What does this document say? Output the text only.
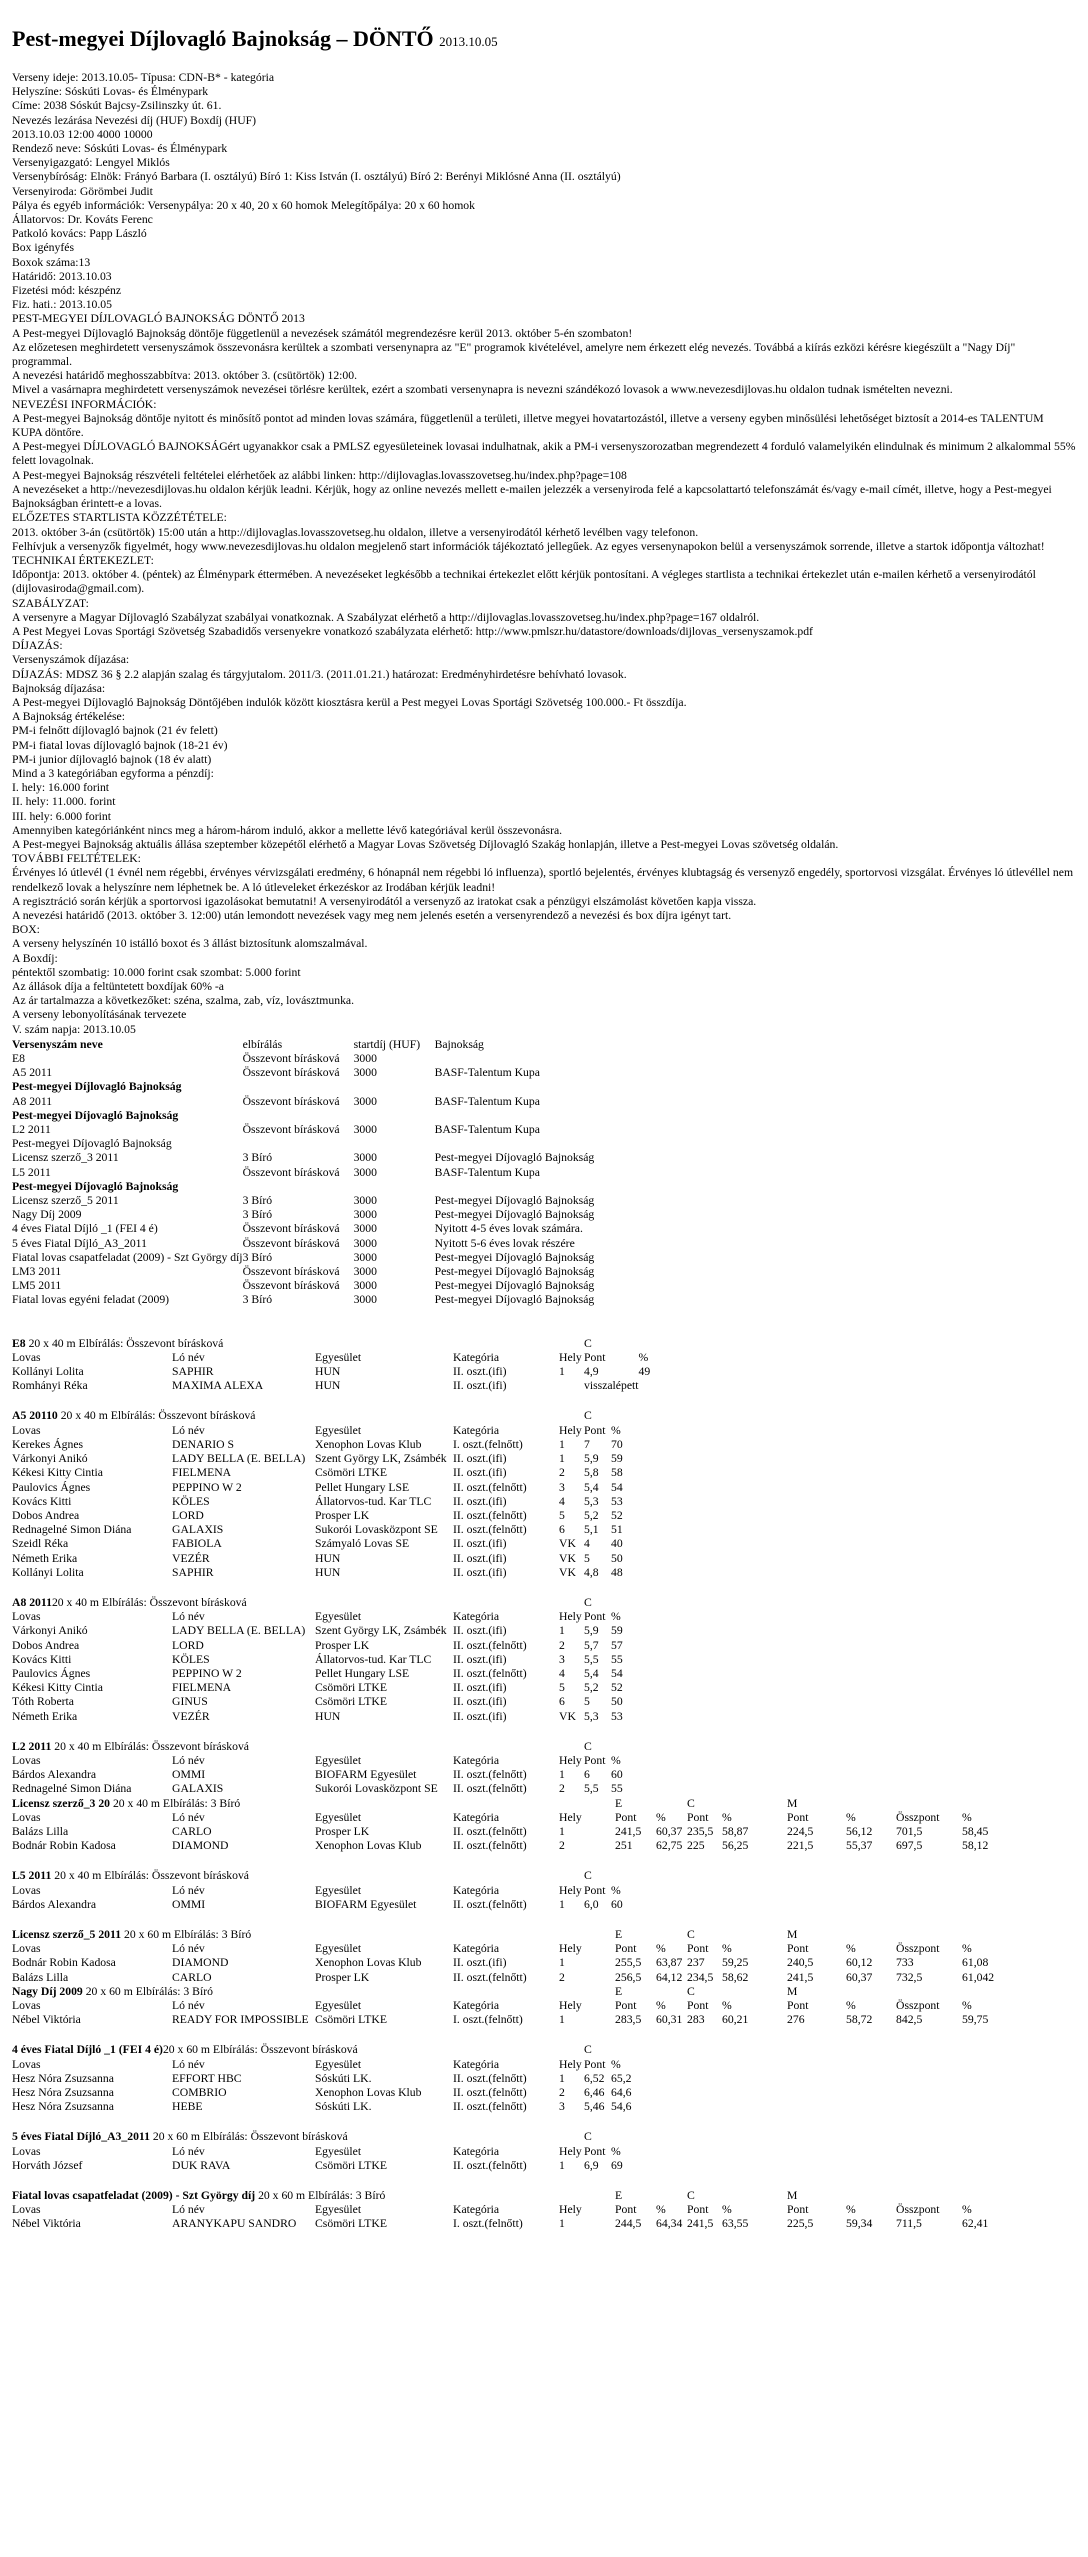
Pest-megyei Díjlovagló Bajnokság – DÖNTŐ 2013.10.05
Verseny ideje: 2013.10.05- Típusa: CDN-B* - kategória
Helyszíne: Sóskúti Lovas- és Élménypark
Címe: 2038 Sóskút Bajcsy-Zsilinszky út. 61.
Nevezés lezárása Nevezési díj (HUF) Boxdíj (HUF)
2013.10.03 12:00 4000 10000
Rendező neve: Sóskúti Lovas- és Élménypark
Versenyigazgató: Lengyel Miklós
Versenybíróság: Elnök: Frányó Barbara (I. osztályú) Bíró 1: Kiss István (I. osztályú) Bíró 2: Berényi Miklósné Anna (II. osztályú)
Versenyiroda: Görömbei Judit
Pálya és egyéb információk: Versenypálya: 20 x 40, 20 x 60 homok Melegítőpálya: 20 x 60 homok
Állatorvos: Dr. Kováts Ferenc
Patkoló kovács: Papp László
Box igényfés
Boxok száma:13
Határidő: 2013.10.03
Fizetési mód: készpénz
Fiz. hati.: 2013.10.05
PEST-MEGYEI DÍJLOVAGLÓ BAJNOKSÁG DÖNTŐ 2013
A Pest-megyei Díjlovagló Bajnokság döntője függetlenül a nevezések számától megrendezésre kerül 2013. október 5-én szombaton!
Az előzetesen meghirdetett versenyszámok összevonásra kerültek a szombati versenynapra az "E" programok kivételével, amelyre nem érkezett elég nevezés. Továbbá a kiírás ezközi kérésre kiegészült a "Nagy Díj" programmal.
A nevezési határidő meghosszabbítva: 2013. október 3. (csütörtök) 12:00.
Mivel a vasárnapra meghirdetett versenyszámok nevezései törlésre kerültek, ezért a szombati versenynapra is nevezni szándékozó lovasok a www.nevezesdijlovas.hu oldalon tudnak ismételten nevezni.
NEVEZÉSI INFORMÁCIÓK:
A Pest-megyei Bajnokság döntője nyitott és minősítő pontot ad minden lovas számára, függetlenül a területi, illetve megyei hovatartozástól, illetve a verseny egyben minősülési lehetőséget biztosít a 2014-es TALENTUM KUPA döntőre.
A Pest-megyei DÍJLOVAGLÓ BAJNOKSÁGért ugyanakkor csak a PMLSZ egyesületeinek lovasai indulhatnak, akik a PM-i versenyszorozatban megrendezett 4 forduló valamelyikén elindulnak és minimum 2 alkalommal 55% felett lovagolnak.
A Pest-megyei Bajnokság részvételi feltételei elérhetőek az alábbi linken: http://dijlovaglas.lovasszovetseg.hu/index.php?page=108
A nevezéseket a http://nevezesdijlovas.hu oldalon kérjük leadni. Kérjük, hogy az online nevezés mellett e-mailen jelezzék a versenyiroda felé a kapcsolattartó telefonszámát és/vagy e-mail címét, illetve, hogy a Pest-megyei Bajnokságban érintett-e a lovas.
ELŐZETES STARTLISTA KÖZZÉTÉTELE:
2013. október 3-án (csütörtök) 15:00 után a http://dijlovaglas.lovasszovetseg.hu oldalon, illetve a versenyirodától kérhető levélben vagy telefonon.
Felhívjuk a versenyzők figyelmét, hogy www.nevezesdijlovas.hu oldalon megjelenő start információk tájékoztató jellegűek. Az egyes versenynapokon belül a versenyszámok sorrende, illetve a startok időpontja változhat!
TECHNIKAI ÉRTEKEZLET:
Időpontja: 2013. október 4. (péntek) az Élménypark éttermében. A nevezéseket legkésőbb a technikai értekezlet előtt kérjük pontosítani. A végleges startlista a technikai értekezlet után e-mailen kérhető a versenyirodától (dijlovasiroda@gmail.com).
SZABÁLYZAT:
A versenyre a Magyar Díjlovagló Szabályzat szabályai vonatkoznak. A Szabályzat elérhető a http://dijlovaglas.lovasszovetseg.hu/index.php?page=167 oldalról.
A Pest Megyei Lovas Sportági Szövetség Szabadidős versenyekre vonatkozó szabályzata elérhető: http://www.pmlszr.hu/datastore/downloads/dijlovas_versenyszamok.pdf
DÍJAZÁS:
Versenyszámok díjazása:
DÍJAZÁS: MDSZ 36 § 2.2 alapján szalag és tárgyjutalom. 2011/3. (2011.01.21.) határozat: Eredményhirdetésre behívható lovasok.
Bajnokság díjazása:
A Pest-megyei Díjlovagló Bajnokság Döntőjében indulók között kiosztásra kerül a Pest megyei Lovas Sportági Szövetség 100.000.- Ft összdíja.
A Bajnokság értékelése:
PM-i felnőtt díjlovagló bajnok (21 év felett)
PM-i fiatal lovas díjlovagló bajnok (18-21 év)
PM-i junior díjlovagló bajnok (18 év alatt)
Mind a 3 kategóriában egyforma a pénzdíj:
I. hely: 16.000 forint
II. hely: 11.000. forint
III. hely: 6.000 forint
Amennyiben kategóriánként nincs meg a három-három induló, akkor a mellette lévő kategóriával kerül összevonásra.
A Pest-megyei Bajnokság aktuális állása szeptember közepétől elérhető a Magyar Lovas Szövetség Díjlovagló Szakág honlapján, illetve a Pest-megyei Lovas szövetség oldalán.
TOVÁBBI FELTÉTELEK:
Érvényes ló útlevél (1 évnél nem régebbi, érvényes vérvizsgálati eredmény, 6 hónapnál nem régebbi ló influenza), sportló bejelentés, érvényes klubtagság és versenyző engedély, sportorvosi vizsgálat. Érvényes ló útlevéllel nem rendelkező lovak a helyszínre nem léphetnek be. A ló útleveleket érkezéskor az Irodában kérjük leadni!
A regisztráció során kérjük a sportorvosi igazolásokat bemutatni! A versenyirodától a versenyző az iratokat csak a pénzügyi elszámolást követően kapja vissza.
A nevezési határidő (2013. október 3. 12:00) után lemondott nevezések vagy meg nem jelenés esetén a versenyrendező a nevezési és box díjra igényt tart.
BOX:
A verseny helyszínén 10 istálló boxot és 3 állást biztosítunk alomszalmával.
A Boxdíj:
péntektől szombatig: 10.000 forint csak szombat: 5.000 forint
Az állások díja a feltüntetett boxdíjak 60% -a
Az ár tartalmazza a következőket: széna, szalma, zab, víz, lovásztmunka.
A verseny lebonyolításának tervezete
V. szám napja: 2013.10.05
Versenyszám neve	elbírálás	startdíj (HUF)	Bajnokság
E8	Összevont bírásková	3000	
A5 2011	Összevont bírásková	3000	BASF-Talentum Kupa
Pest-megyei Díjlovagló Bajnokság			
A8 2011	Összevont bírásková	3000	BASF-Talentum Kupa
Pest-megyei Díjovagló Bajnokság			
L2 2011	Összevont bírásková	3000	BASF-Talentum Kupa
Pest-megyei Díjovagló Bajnokság			
Licensz szerző_3 2011	3 Bíró	3000	Pest-megyei Díjovagló Bajnokság
L5 2011	Összevont bírásková	3000	BASF-Talentum Kupa
Pest-megyei Díjovagló Bajnokság			
Licensz szerző_5 2011	3 Bíró	3000	Pest-megyei Díjovagló Bajnokság
Nagy Díj 2009	3 Bíró	3000	Pest-megyei Díjovagló Bajnokság
4 éves Fiatal Díjló _1 (FEI 4 é)	Összevont bírásková	3000	Nyitott 4-5 éves lovak számára.
5 éves Fiatal Díjló_A3_2011	Összevont bírásková	3000	Nyitott 5-6 éves lovak részére
Fiatal lovas csapatfeladat (2009) - Szt György díj	3 Bíró	3000	Pest-megyei Díjovagló Bajnokság
LM3 2011	Összevont bírásková	3000	Pest-megyei Díjovagló Bajnokság
LM5 2011	Összevont bírásková	3000	Pest-megyei Díjovagló Bajnokság
Fiatal lovas egyéni feladat (2009)	3 Bíró	3000	Pest-megyei Díjovagló Bajnokság
E8 20 x 40 m Elbírálás: Összevont bírásková					C	
Lovas	Ló név	Egyesület	Kategória	Hely	Pont	%
Kollányi Lolita	SAPHIR	HUN	II. oszt.(ifi)	1	4,9	49
Romhányi Réka	MAXIMA ALEXA	HUN	II. oszt.(ifi)		visszalépett	
A5 20110 20 x 40 m Elbírálás: Összevont bírásková					C	
Lovas	Ló név	Egyesület	Kategória	Hely	Pont	%
Kerekes Ágnes	DENARIO S	Xenophon Lovas Klub	I. oszt.(felnőtt)	1	7	70
Várkonyi Anikó	LADY BELLA (E. BELLA)	Szent György LK, Zsámbék	II. oszt.(ifi)	1	5,9	59
Kékesi Kitty Cintia	FIELMENA	Csömöri LTKE	II. oszt.(ifi)	2	5,8	58
Paulovics Ágnes	PEPPINO W 2	Pellet Hungary LSE	II. oszt.(felnőtt)	3	5,4	54
Kovács Kitti	KÖLES	Állatorvos-tud. Kar TLC	II. oszt.(ifi)	4	5,3	53
Dobos Andrea	LORD	Prosper LK	II. oszt.(felnőtt)	5	5,2	52
Rednagelné Simon Diána	GALAXIS	Sukorói Lovasközpont SE	II. oszt.(felnőtt)	6	5,1	51
Szeidl Réka	FABIOLA	Számyaló Lovas SE	II. oszt.(ifi)	VK	4	40
Németh Erika	VEZÉR	HUN	II. oszt.(ifi)	VK	5	50
Kollányi Lolita	SAPHIR	HUN	II. oszt.(ifi)	VK	4,8	48
A8 201120 x 40 m Elbírálás: Összevont bírásková					C	
Lovas	Ló név	Egyesület	Kategória	Hely	Pont	%
Várkonyi Anikó	LADY BELLA (E. BELLA)	Szent György LK, Zsámbék	II. oszt.(ifi)	1	5,9	59
Dobos Andrea	LORD	Prosper LK	II. oszt.(felnőtt)	2	5,7	57
Kovács Kitti	KÖLES	Állatorvos-tud. Kar TLC	II. oszt.(ifi)	3	5,5	55
Paulovics Ágnes	PEPPINO W 2	Pellet Hungary LSE	II. oszt.(felnőtt)	4	5,4	54
Kékesi Kitty Cintia	FIELMENA	Csömöri LTKE	II. oszt.(ifi)	5	5,2	52
Tóth Roberta	GINUS	Csömöri LTKE	II. oszt.(ifi)	6	5	50
Németh Erika	VEZÉR	HUN	II. oszt.(ifi)	VK	5,3	53
L2 2011 20 x 40 m Elbírálás: Összevont bírásková					C	
Lovas	Ló név	Egyesület	Kategória	Hely	Pont	%
Bárdos Alexandra	OMMI	BIOFARM Egyesület	II. oszt.(felnőtt)	1	6	60
Rednagelné Simon Diána	GALAXIS	Sukorói Lovasközpont SE	II. oszt.(felnőtt)	2	5,5	55
Licensz szerző_3 20 20 x 40 m Elbírálás: 3 Bíró					E		C		M			
Lovas	Ló név	Egyesület	Kategória	Hely	Pont	%	Pont	%	Pont	%	Összpont	%
Balázs Lilla	CARLO	Prosper LK	II. oszt.(felnőtt)	1	241,5	60,37	235,5	58,87	224,5	56,12	701,5	58,45
Bodnár Robin Kadosa	DIAMOND	Xenophon Lovas Klub	II. oszt.(felnőtt)	2	251	62,75	225	56,25	221,5	55,37	697,5	58,12
L5 2011 20 x 40 m Elbírálás: Összevont bírásková					C	
Lovas	Ló név	Egyesület	Kategória	Hely	Pont	%
Bárdos Alexandra	OMMI	BIOFARM Egyesület	II. oszt.(felnőtt)	1	6,0	60
Licensz szerző_5 2011 20 x 60 m Elbírálás: 3 Bíró					E		C		M			
Lovas	Ló név	Egyesület	Kategória	Hely	Pont	%	Pont	%	Pont	%	Összpont	%
Bodnár Robin Kadosa	DIAMOND	Xenophon Lovas Klub	II. oszt.(ifi)	1	255,5	63,87	237	59,25	240,5	60,12	733	61,08
Balázs Lilla	CARLO	Prosper LK	II. oszt.(felnőtt)	2	256,5	64,12	234,5	58,62	241,5	60,37	732,5	61,042
Nagy Díj 2009 20 x 60 m Elbírálás: 3 Bíró					E		C		M			
Lovas	Ló név	Egyesület	Kategória	Hely	Pont	%	Pont	%	Pont	%	Összpont	%
Nébel Viktória	READY FOR IMPOSSIBLE	Csömöri LTKE	I. oszt.(felnőtt)	1	283,5	60,31	283	60,21	276	58,72	842,5	59,75
4 éves Fiatal Díjló _1 (FEI 4 é)20 x 60 m Elbírálás: Összevont bírásková					C	
Lovas	Ló név	Egyesület	Kategória	Hely	Pont	%
Hesz Nóra Zsuzsanna	EFFORT HBC	Sóskúti LK.	II. oszt.(felnőtt)	1	6,52	65,2
Hesz Nóra Zsuzsanna	COMBRIO	Xenophon Lovas Klub	II. oszt.(felnőtt)	2	6,46	64,6
Hesz Nóra Zsuzsanna	HEBE	Sóskúti LK.	II. oszt.(felnőtt)	3	5,46	54,6
5 éves Fiatal Díjló_A3_2011 20 x 60 m Elbírálás: Összevont bírásková					C	
Lovas	Ló név	Egyesület	Kategória	Hely	Pont	%
Horváth József	DUK RAVA	Csömöri LTKE	II. oszt.(felnőtt)	1	6,9	69
Fiatal lovas csapatfeladat (2009) - Szt György díj 20 x 60 m Elbírálás: 3 Bíró					E		C		M			
Lovas	Ló név	Egyesület	Kategória	Hely	Pont	%	Pont	%	Pont	%	Összpont	%
Nébel Viktória	ARANYKAPU SANDRO	Csömöri LTKE	I. oszt.(felnőtt)	1	244,5	64,34	241,5	63,55	225,5	59,34	711,5	62,41
